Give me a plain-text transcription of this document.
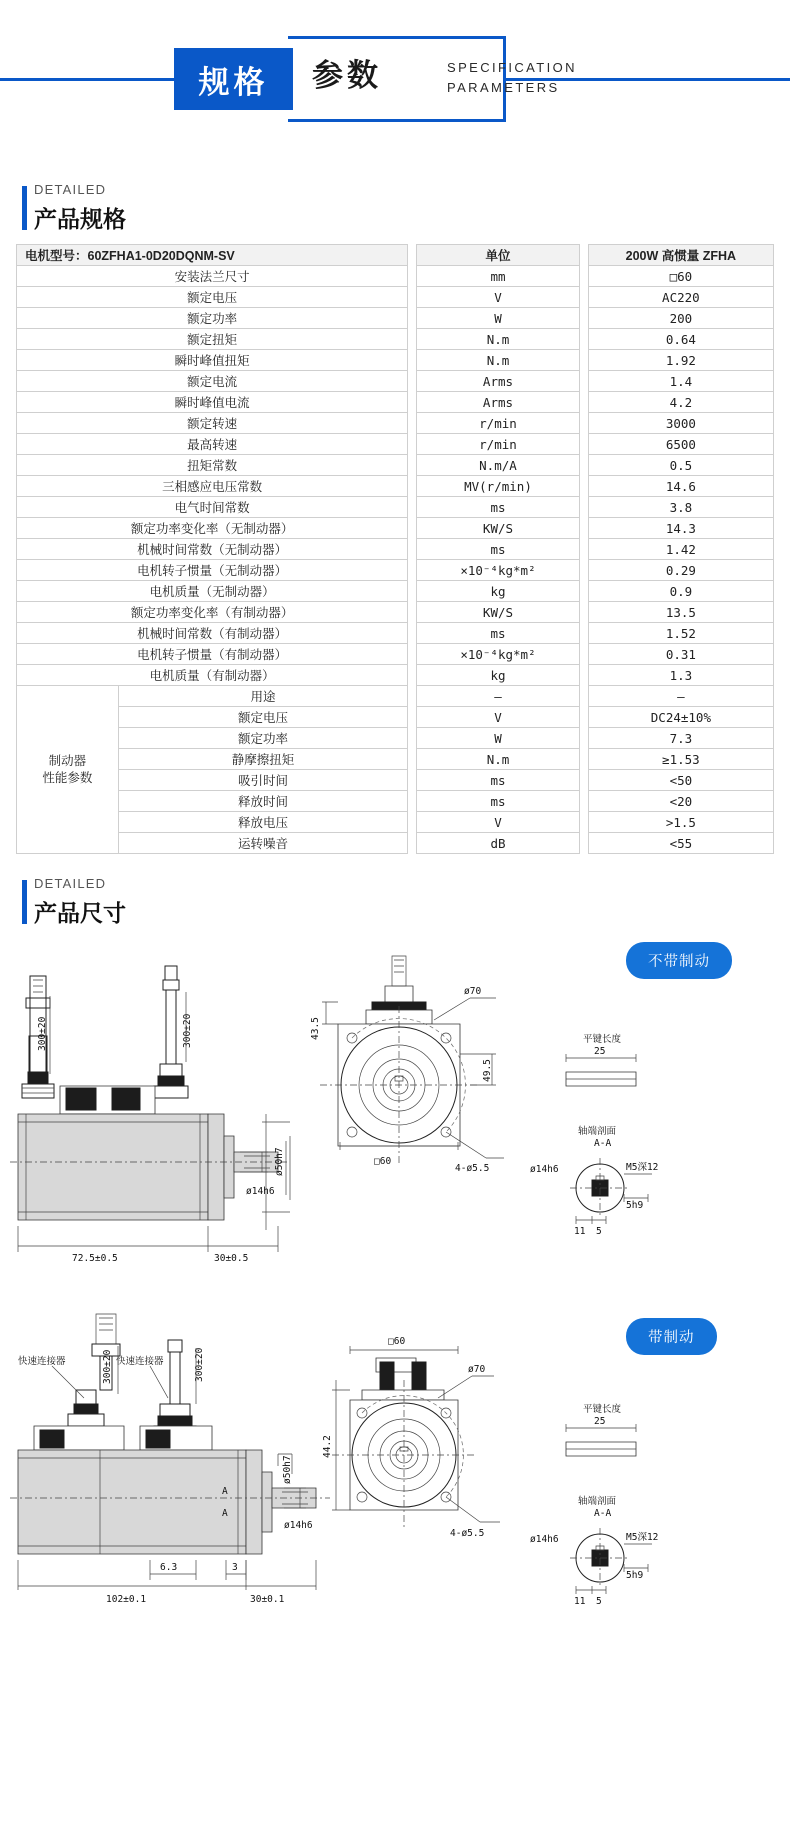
规格	参数	SPECIFICATION
PARAMETERS
DETAILED
产品规格
电机型号：60ZFHA1-0D20DQNM-SV			单位		200W 高惯量 ZFHA
安装法兰尺寸			mm		□60
额定电压			V		AC220
额定功率			W		200
额定扭矩			N.m		0.64
瞬时峰值扭矩			N.m		1.92
额定电流			Arms		1.4
瞬时峰值电流			Arms		4.2
额定转速			r/min		3000
最高转速			r/min		6500
扭矩常数			N.m/A		0.5
三相感应电压常数			MV(r/min)		14.6
电气时间常数			ms		3.8
额定功率变化率（无制动器）			KW/S		14.3
机械时间常数（无制动器）			ms		1.42
电机转子惯量（无制动器）			×10⁻⁴kg*m²		0.29
电机质量（无制动器）			kg		0.9
额定功率变化率（有制动器）			KW/S		13.5
机械时间常数（有制动器）			ms		1.52
电机转子惯量（有制动器）			×10⁻⁴kg*m²		0.31
电机质量（有制动器）			kg		1.3

制动器
性能参数	用途		—		—
	额定电压		V		DC24±10%
	额定功率		W		7.3
	静摩擦扭矩		N.m		≥1.53
	吸引时间		ms		<50
	释放时间		ms		<20
	释放电压		V		>1.5
	运转噪音		dB		<55
DETAILED
产品尺寸
不带制动
带制动
ø50h7
ø14h6
72.5±0.5	30±0.5
300±20	300±20	43.5
49.5
ø70
□60
4-ø5.5
平键长度
25
轴端剖面
A-A
ø14h6	M5深12
5h9
11 5
ø50h7
ø14h6
6.3	3
102±0.1	30±0.1
快速连接器	快速连接器
300±20	300±20
A
A
□60
44.2
ø70
4-ø5.5
平键长度
25
轴端剖面
A-A
ø14h6	M5深12
5h9
11 5
